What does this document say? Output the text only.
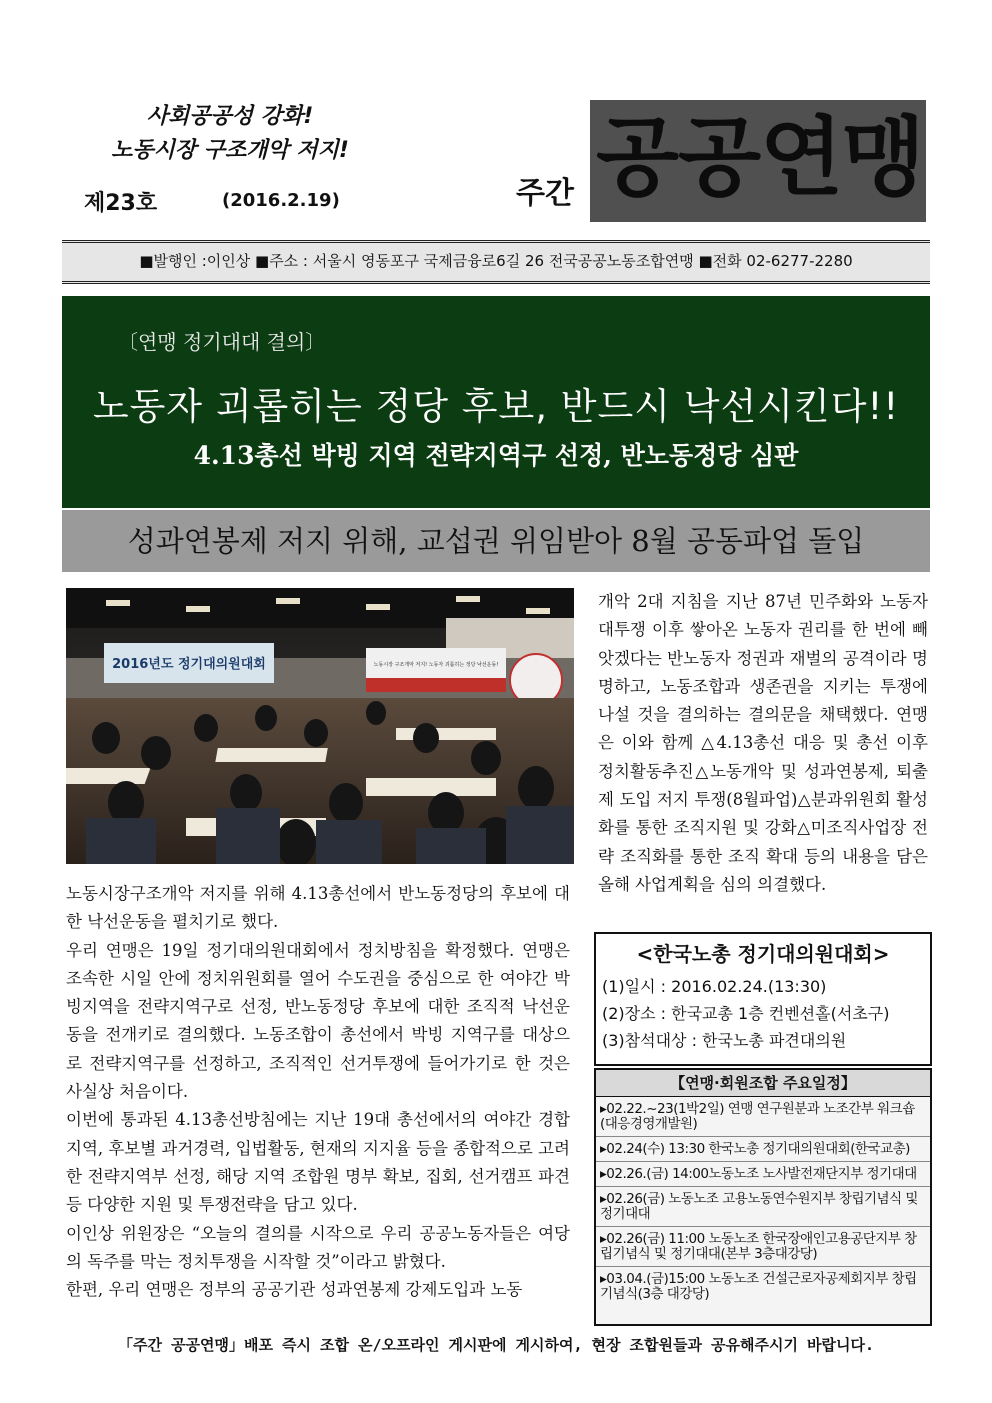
사회공공성 강화!
노동시장 구조개악 저지!
제23호	(2016.2.19)	주간 공
공
연
맹
■발행인 :이인상 ■주소 : 서울시 영동포구 국제금융로6길 26 전국공공노동조합연맹 ■전화 02-6277-2280
〔연맹 정기대대 결의〕
노동자 괴롭히는 정당 후보, 반드시 낙선시킨다!!
4.13총선 박빙 지역 전략지역구 선정, 반노동정당 심판
성과연봉제 저지 위해, 교섭권 위임받아 8월 공동파업 돌입
2016년도 정기대의원대회	노동시장 구조개악 저지! 노동자 괴롭히는 정당 낙선운동!

노동시장구조개악 저지를 위해 4.13총선에서 반노동정당의 후보에 대한 낙선운동을 펼치기로 했다.

우리 연맹은 19일 정기대의원대회에서 정치방침을 확정했다. 연맹은 조속한 시일 안에 정치위원회를 열어 수도권을 중심으로 한 여야간 박빙지역을 전략지역구로 선정, 반노동정당 후보에 대한 조직적 낙선운동을 전개키로 결의했다. 노동조합이 총선에서 박빙 지역구를 대상으로 전략지역구를 선정하고, 조직적인 선거투쟁에 들어가기로 한 것은 사실상 처음이다.

이번에 통과된 4.13총선방침에는 지난 19대 총선에서의 여야간 경합지역, 후보별 과거경력, 입법활동, 현재의 지지율 등을 종합적으로 고려한 전략지역부 선정, 해당 지역 조합원 명부 확보, 집회, 선거캠프 파견 등 다양한 지원 및 투쟁전략을 담고 있다.

이인상 위원장은 “오늘의 결의를 시작으로 우리 공공노동자들은 여당의 독주를 막는 정치투쟁을 시작할 것”이라고 밝혔다.

한편, 우리 연맹은 정부의 공공기관 성과연봉제 강제도입과 노동

개악 2대 지침을 지난 87년 민주화와 노동자대투쟁 이후 쌓아온 노동자 권리를 한 번에 빼앗겠다는 반노동자 정권과 재벌의 공격이라 명명하고, 노동조합과 생존권을 지키는 투쟁에 나설 것을 결의하는 결의문을 채택했다. 연맹은 이와 함께 △4.13총선 대응 및 총선 이후 정치활동추진△노동개악 및 성과연봉제, 퇴출제 도입 저지 투쟁(8월파업)△분과위원회 활성화를 통한 조직지원 및 강화△미조직사업장 전략 조직화를 통한 조직 확대 등의 내용을 담은 올해 사업계획을 심의 의결했다.
<한국노총 정기대의원대회>
(1)일시 : 2016.02.24.(13:30)
(2)장소 : 한국교총 1층 컨벤션홀(서초구)
(3)참석대상 : 한국노총 파견대의원
【연맹·회원조합 주요일정】
▸02.22.~23(1박2일) 연맹 연구원분과 노조간부 워크숍(대응경영개발원)
▸02.24(수) 13:30 한국노총 정기대의원대회(한국교총)
▸02.26.(금) 14:00노동노조 노사발전재단지부 정기대대
▸02.26(금) 노동노조 고용노동연수원지부 창립기념식 및 정기대대
▸02.26(금) 11:00 노동노조 한국장애인고용공단지부 창립기념식 및 정기대대(본부 3층대강당)
▸03.04.(금)15:00 노동노조 건설근로자공제회지부 창립기념식(3층 대강당)
「주간 공공연맹」배포 즉시 조합 온/오프라인 게시판에 게시하여, 현장 조합원들과 공유해주시기 바랍니다.
